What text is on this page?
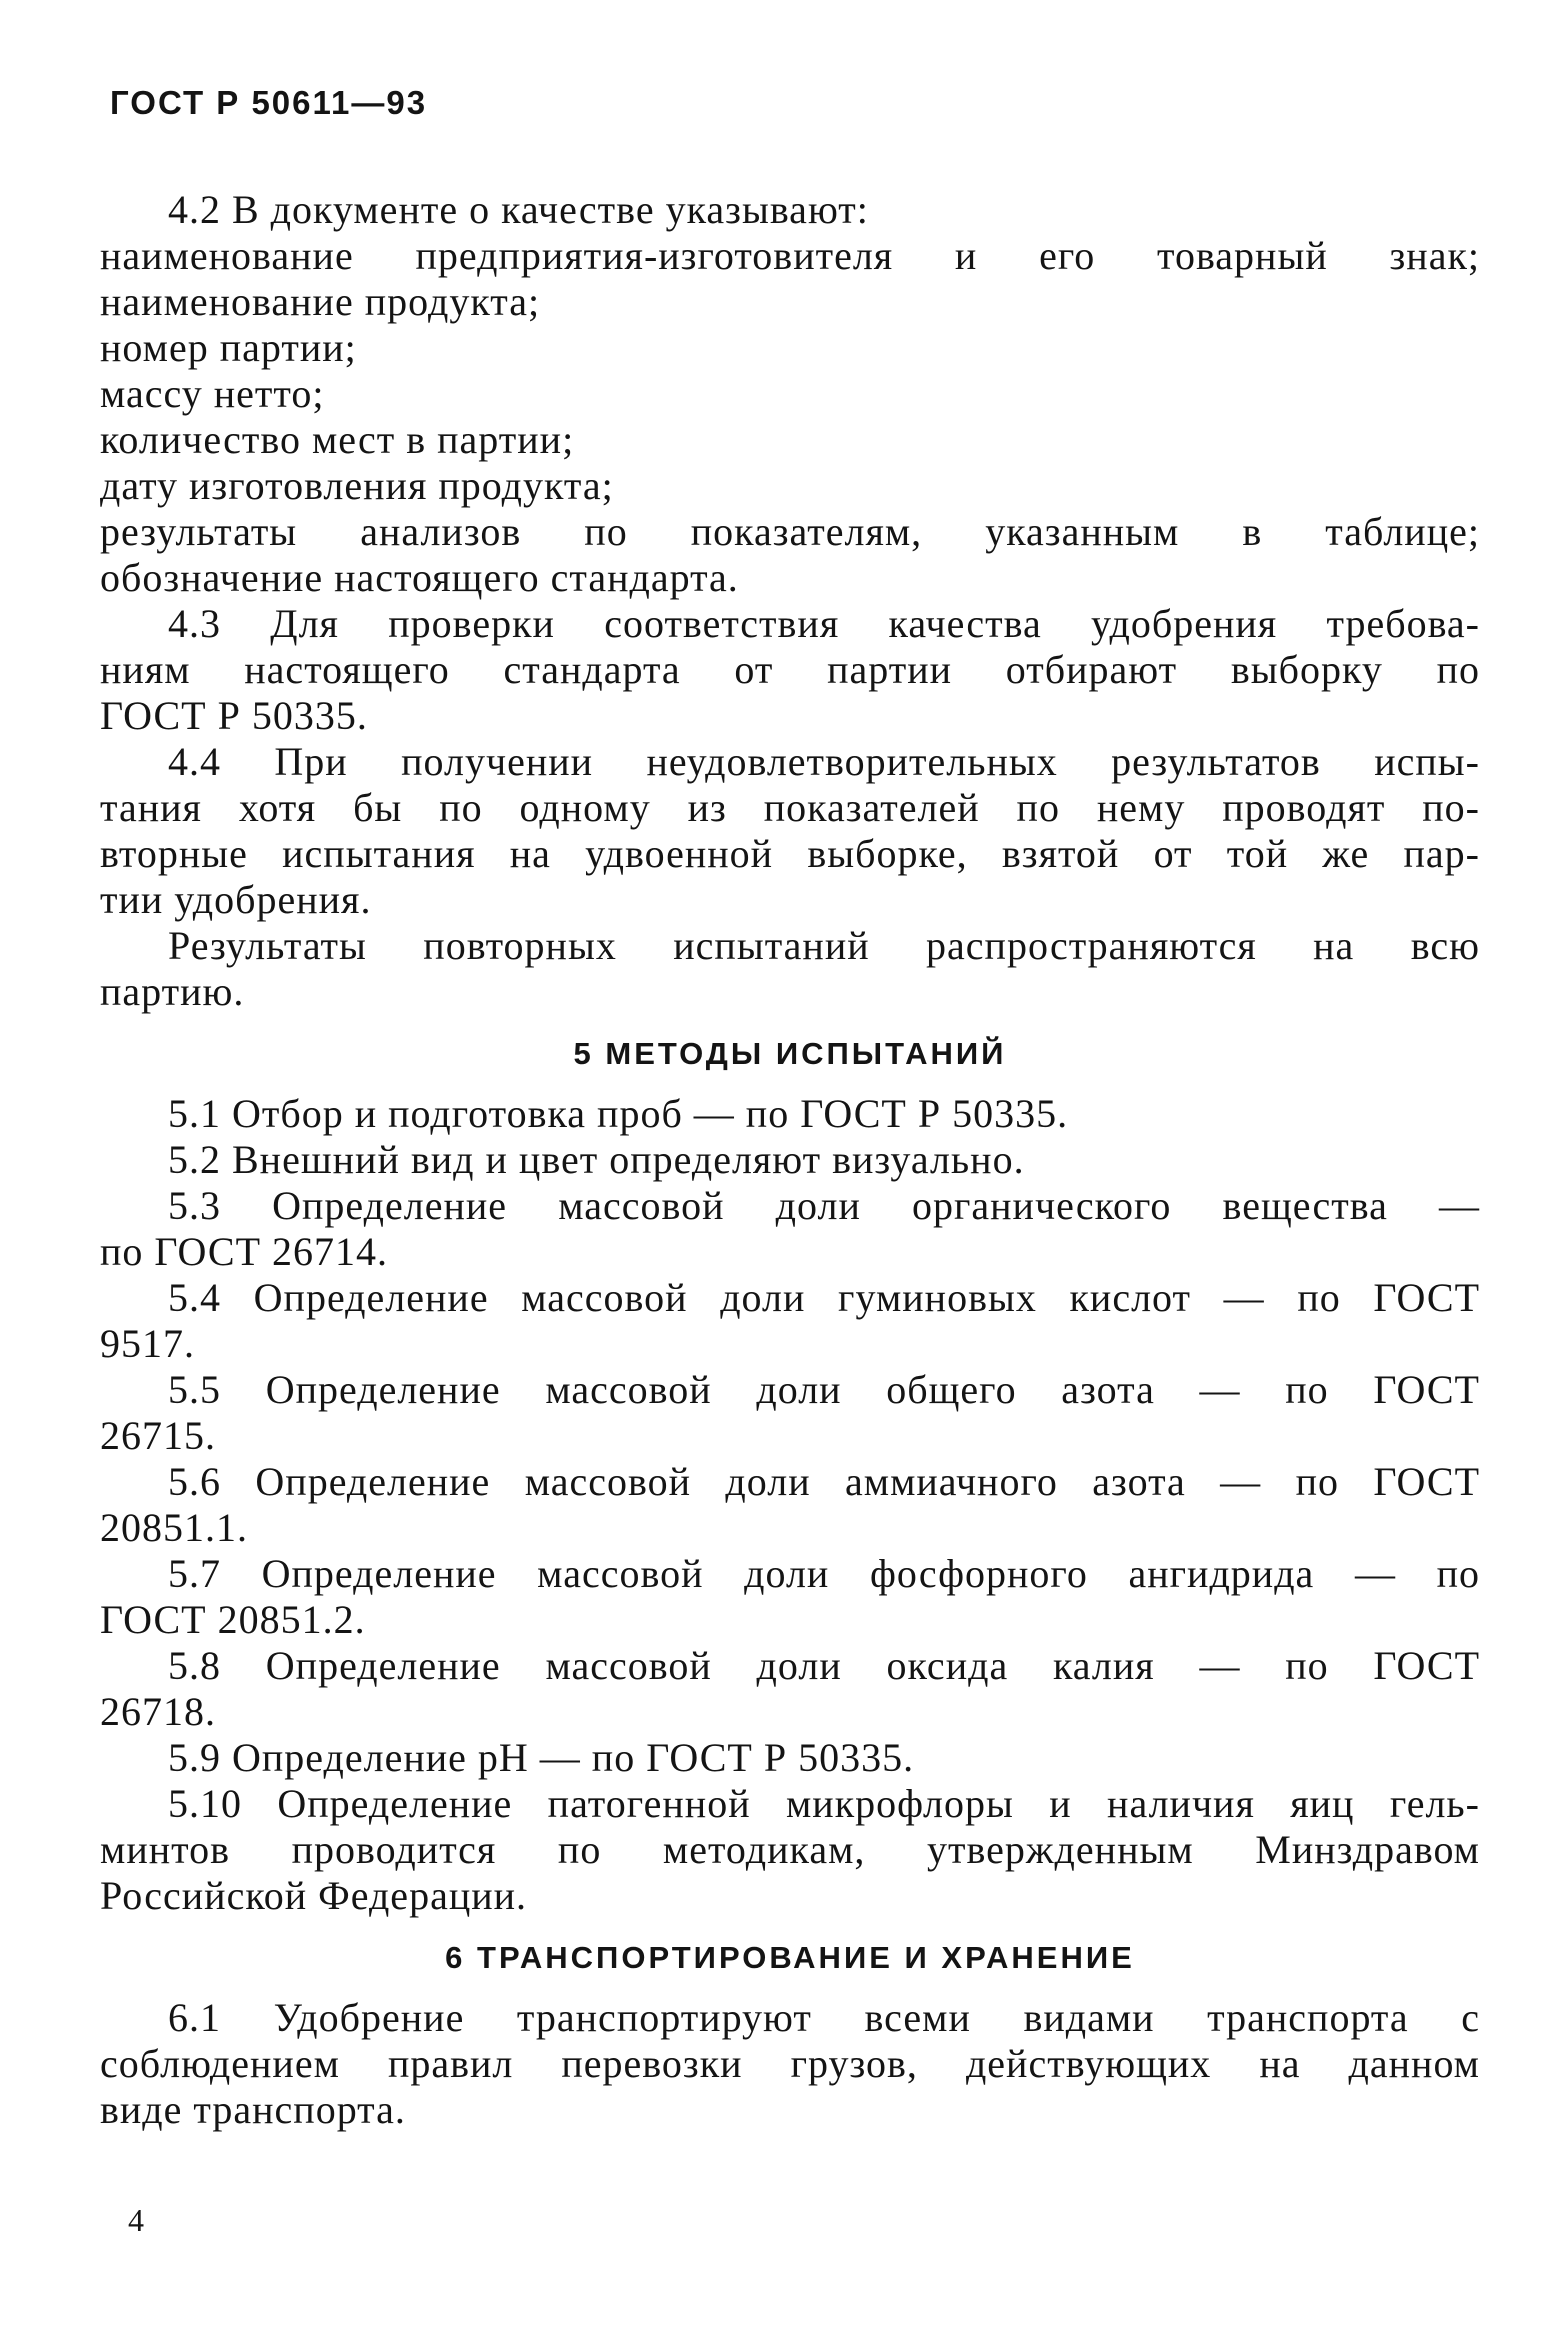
ГОСТ Р 50611—93
4.2 В документе о качестве указывают:
наименование предприятия-изготовителя и его товарный знак;
наименование продукта;
номер партии;
массу нетто;
количество мест в партии;
дату изготовления продукта;
результаты анализов по показателям, указанным в таблице;
обозначение настоящего стандарта.
4.3 Для проверки соответствия качества удобрения требова-
ниям настоящего стандарта от партии отбирают выборку по
ГОСТ Р 50335.
4.4 При получении неудовлетворительных результатов испы-
тания хотя бы по одному из показателей по нему проводят по-
вторные испытания на удвоенной выборке, взятой от той же пар-
тии удобрения.
Результаты повторных испытаний распространяются на всю
партию.
5 МЕТОДЫ ИСПЫТАНИЙ
5.1 Отбор и подготовка проб — по ГОСТ Р 50335.
5.2 Внешний вид и цвет определяют визуально.
5.3 Определение массовой доли органического вещества —
по ГОСТ 26714.
5.4 Определение массовой доли гуминовых кислот — по ГОСТ
9517.
5.5 Определение массовой доли общего азота — по ГОСТ
26715.
5.6 Определение массовой доли аммиачного азота — по ГОСТ
20851.1.
5.7 Определение массовой доли фосфорного ангидрида — по
ГОСТ 20851.2.
5.8 Определение массовой доли оксида калия — по ГОСТ
26718.
5.9 Определение pH — по ГОСТ Р 50335.
5.10 Определение патогенной микрофлоры и наличия яиц гель-
минтов проводится по методикам, утвержденным Минздравом
Российской Федерации.
6 ТРАНСПОРТИРОВАНИЕ И ХРАНЕНИЕ
6.1 Удобрение транспортируют всеми видами транспорта с
соблюдением правил перевозки грузов, действующих на данном
виде транспорта.
4
